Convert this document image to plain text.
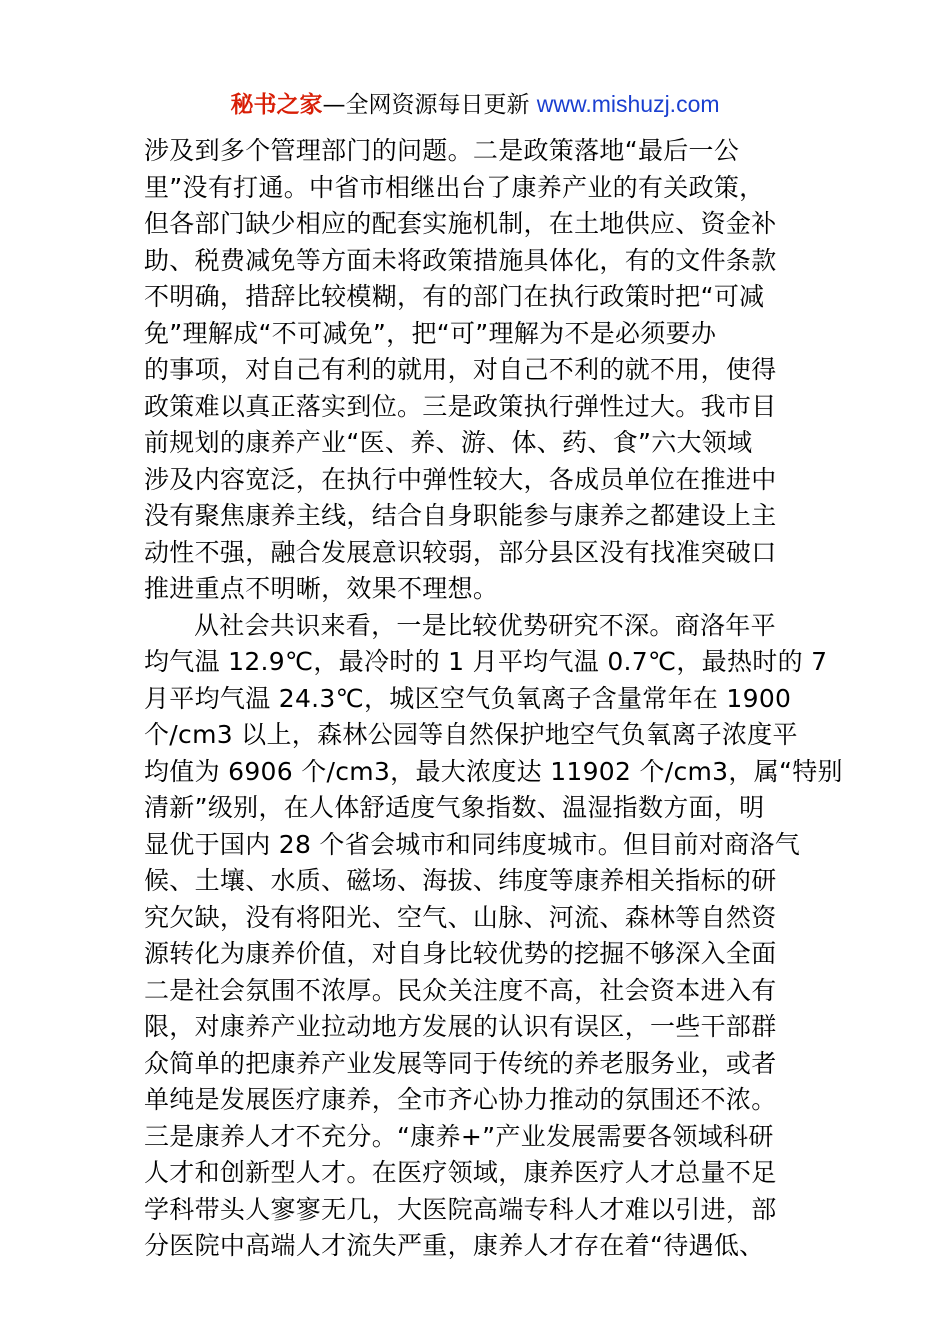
秘书之家—全网资源每日更新 www.mishuzj.com
涉及到多个管理部门的问题。二是政策落地“最后一公
里”没有打通。中省市相继出台了康养产业的有关政策，
但各部门缺少相应的配套实施机制，在土地供应、资金补
助、税费减免等方面未将政策措施具体化，有的文件条款
不明确，措辞比较模糊，有的部门在执行政策时把“可减
免”理解成“不可减免”，把“可”理解为不是必须要办
的事项，对自己有利的就用，对自己不利的就不用，使得
政策难以真正落实到位。三是政策执行弹性过大。我市目
前规划的康养产业“医、养、游、体、药、食”六大领域
涉及内容宽泛，在执行中弹性较大，各成员单位在推进中
没有聚焦康养主线，结合自身职能参与康养之都建设上主
动性不强，融合发展意识较弱，部分县区没有找准突破口
推进重点不明晰，效果不理想。
从社会共识来看，一是比较优势研究不深。商洛年平
均气温 12.9℃，最冷时的 1 月平均气温 0.7℃，最热时的 7
月平均气温 24.3℃，城区空气负氧离子含量常年在 1900
个/cm3 以上，森林公园等自然保护地空气负氧离子浓度平
均值为 6906 个/cm3，最大浓度达 11902 个/cm3，属“特别
清新”级别，在人体舒适度气象指数、温湿指数方面，明
显优于国内 28 个省会城市和同纬度城市。但目前对商洛气
候、土壤、水质、磁场、海拔、纬度等康养相关指标的研
究欠缺，没有将阳光、空气、山脉、河流、森林等自然资
源转化为康养价值，对自身比较优势的挖掘不够深入全面
二是社会氛围不浓厚。民众关注度不高，社会资本进入有
限，对康养产业拉动地方发展的认识有误区，一些干部群
众简单的把康养产业发展等同于传统的养老服务业，或者
单纯是发展医疗康养，全市齐心协力推动的氛围还不浓。
三是康养人才不充分。“康养+”产业发展需要各领域科研
人才和创新型人才。在医疗领域，康养医疗人才总量不足
学科带头人寥寥无几，大医院高端专科人才难以引进，部
分医院中高端人才流失严重，康养人才存在着“待遇低、
